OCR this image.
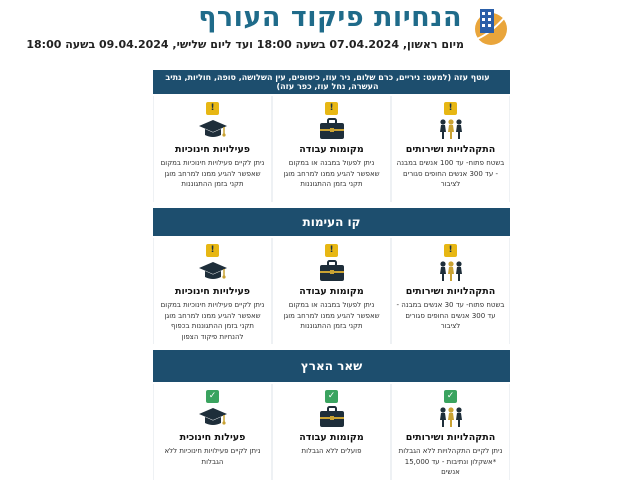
הנחיות פיקוד העורף
מיום ראשון, 07.04.2024 בשעה 18:00 ועד ליום שלישי, 09.04.2024 בשעה 18:00
עוטף עזה (למעט: ניריים, כרם שלום, ניר עוז, כיסופים, עין השלושה, סופה, חוליות, נתיב העשרה, נחל עוז, כפר עזה)
!
התקהלויות ושירותים
בשטח פתוח- עד 100 אנשים במבנה - עד 300 אנשים החופים סגורים לציבור
!
מקומות עבודה
ניתן לפעול במבנה או במקום שאפשר להגיע ממנו למרחב מוגן תקני בזמן ההתגוננות
!
פעילויות חינוכיות
ניתן לקיים פעילויות חינוכיות במקום שאפשר להגיע ממנו למרחב מוגן תקני בזמן ההתגוננות
קו העימות
!
התקהלויות ושירותים
בשטח פתוח- עד 30 אנשים במבנה - עד 300 אנשים החופים סגורים לציבור
!
מקומות עבודה
ניתן לפעול במבנה או במקום שאפשר להגיע ממנו למרחב מוגן תקני בזמן ההתגוננות
!
פעילויות חינוכיות
ניתן לקיים פעילויות חינוכיות במקום שאפשר להגיע ממנו למרחב מוגן תקני בזמן ההתגוננות בכפוף להנחיות פיקוד הצפון
שאר הארץ
✓
התקהלויות ושירותים
ניתן לקיים התקהלויות ללא הגבלות *אשקלון ונתיבות - עד 15,000 אנשים
✓
מקומות עבודה
פועלים ללא הגבלות
✓
פעילות חינוכית
ניתן לקיים פעילויות חינוכיות ללא הגבלות
